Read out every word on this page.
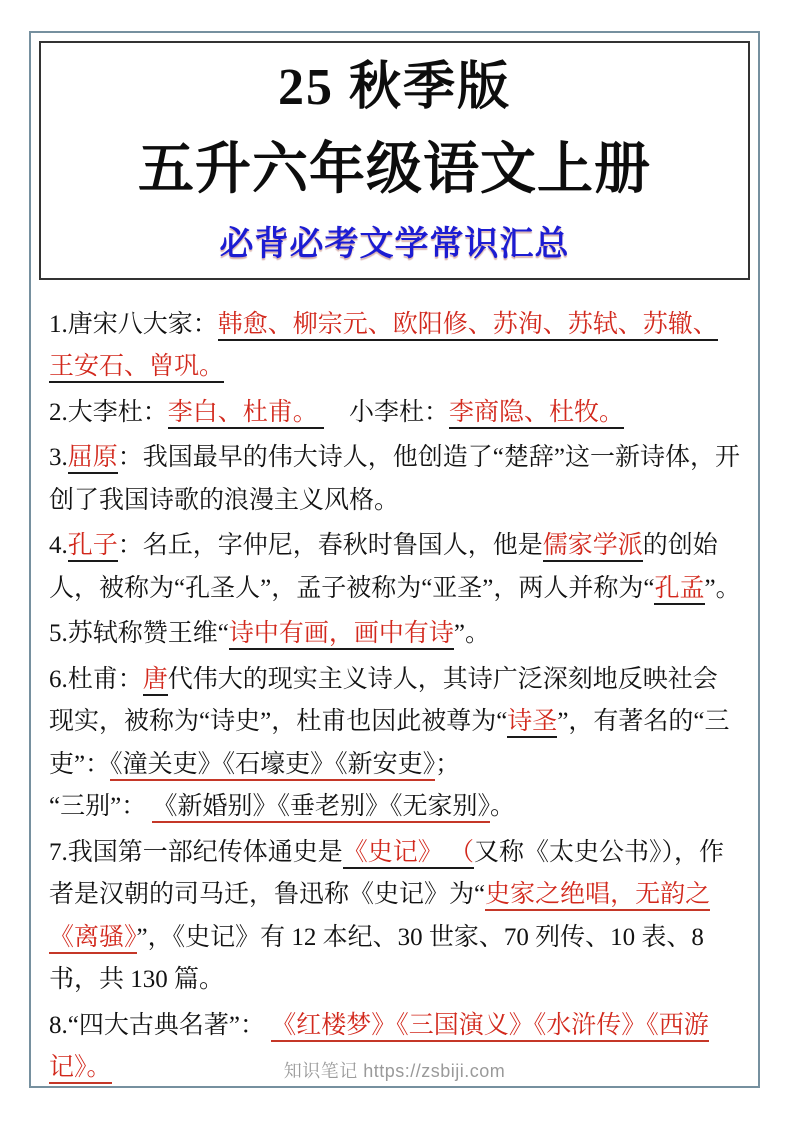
25 秋季版
五升六年级语文上册
必背必考文学常识汇总

1.唐宋八大家：韩愈、柳宗元、欧阳修、苏洵、苏轼、苏辙、王安石、曾巩。

2.大李杜：李白、杜甫。 　小李杜：李商隐、杜牧。

3.屈原：我国最早的伟大诗人，他创造了“楚辞”这一新诗体，开创了我国诗歌的浪漫主义风格。

4.孔子：名丘，字仲尼，春秋时鲁国人，他是儒家学派的创始人，被称为“孔圣人”，孟子被称为“亚圣”，两人并称为“孔孟”。

5.苏轼称赞王维“诗中有画，画中有诗”。

6.杜甫：唐代伟大的现实主义诗人，其诗广泛深刻地反映社会现实，被称为“诗史”，杜甫也因此被尊为“诗圣”，有著名的“三吏”：《潼关吏》《石壕吏》《新安吏》；
“三别”： 《新婚别》《垂老别》《无家别》。

7.我国第一部纪传体通史是《史记》 （又称《太史公书》），作者是汉朝的司马迁，鲁迅称《史记》为“史家之绝唱，无韵之《离骚》”，《史记》有 12 本纪、30 世家、70 列传、10 表、8 书，共 130 篇。

8.“四大古典名著”： 《红楼梦》《三国演义》《水浒传》《西游记》。	知识笔记 https://zsbiji.com
